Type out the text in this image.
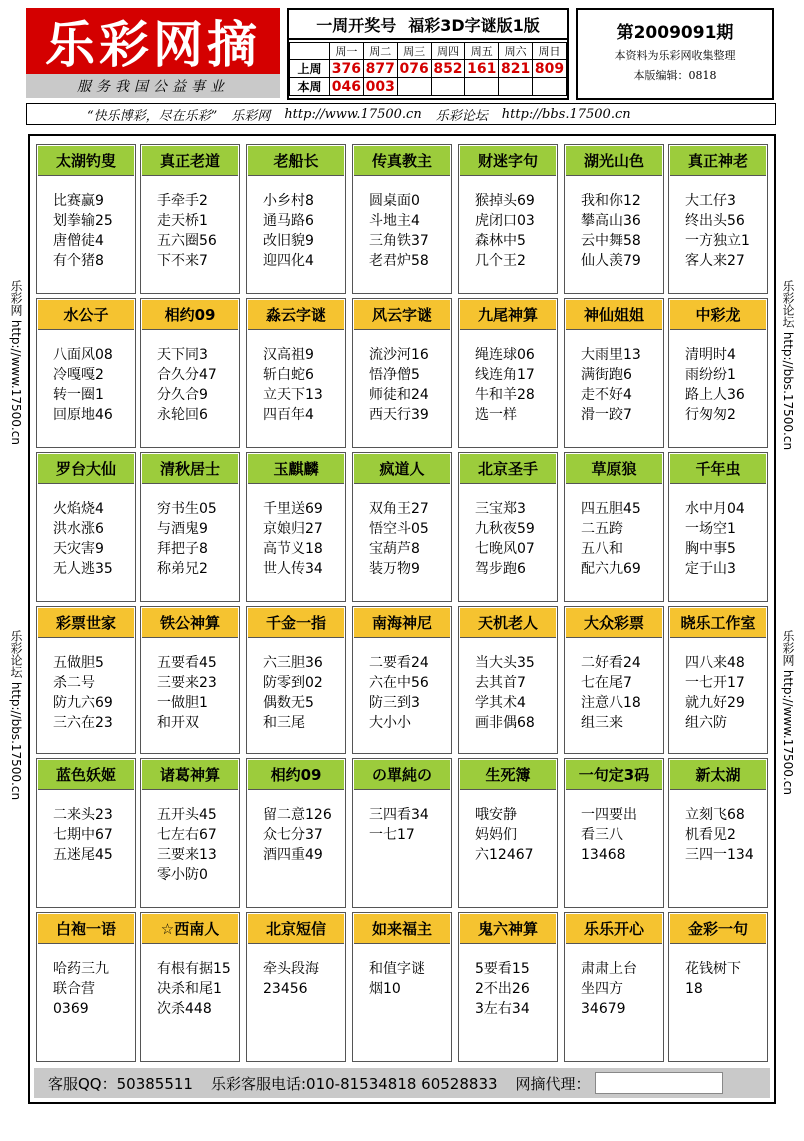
乐彩网摘
服务我国公益事业
一周开奖号 福彩3D字谜版1版
	周一	周二	周三	周四	周五	周六	周日
上周	376	877	076	852	161	821	809
本周	046	003					
第2009091期
本资料为乐彩网收集整理
本版编辑：0818
“快乐博彩，尽在乐彩” 乐彩网 http://www.17500.cn 乐彩论坛 http://bbs.17500.cn
乐彩网 http://www.17500.cn
乐彩论坛 http://bbs.17500.cn
乐彩论坛 http://bbs.17500.cn
乐彩网 http://www.17500.cn
太湖钓叟
比赛赢9
划拳输25
唐僧徒4
有个猪8
真正老道
手牵手2
走天桥1
五六圈56
下不来7
老船长
小乡村8
通马路6
改旧貌9
迎四化4
传真教主
圆桌面0
斗地主4
三角铁37
老君炉58
财迷字句
猴掉头69
虎闭口03
森林中5
几个王2
湖光山色
我和你12
攀高山36
云中舞58
仙人羡79
真正神老
大工仔3
终出头56
一方独立1
客人来27
水公子
八面风08
冷嘎嘎2
转一圈1
回原地46
相约09
天下同3
合久分47
分久合9
永轮回6
淼云字谜
汉高祖9
斩白蛇6
立天下13
四百年4
风云字谜
流沙河16
悟净僧5
师徒和24
西天行39
九尾神算
绳连球06
线连角17
牛和羊28
选一样
神仙姐姐
大雨里13
满街跑6
走不好4
滑一跤7
中彩龙
清明时4
雨纷纷1
路上人36
行匆匆2
罗台大仙
火焰烧4
洪水涨6
天灾害9
无人逃35
清秋居士
穷书生05
与酒鬼9
拜把子8
称弟兄2
玉麒麟
千里送69
京娘归27
高节义18
世人传34
疯道人
双角王27
悟空斗05
宝葫芦8
装万物9
北京圣手
三宝郑3
九秋夜59
七晚风07
驾步跑6
草原狼
四五胆45
二五跨
五八和
配六九69
千年虫
水中月04
一场空1
胸中事5
定于山3
彩票世家
五做胆5
杀二号
防九六69
三六在23
铁公神算
五要看45
三要来23
一做胆1
和开双
千金一指
六三胆36
防零到02
偶数无5
和三尾
南海神尼
二要看24
六在中56
防三到3
大小小
天机老人
当大头35
去其首7
学其术4
画非偶68
大众彩票
二好看24
七在尾7
注意八18
组三来
晓乐工作室
四八来48
一七开17
就九好29
组六防
蓝色妖姬
二来头23
七期中67
五迷尾45
诸葛神算
五开头45
七左右67
三要来13
零小防0
相约09
留二意126
众七分37
酒四重49
の單純の
三四看34
一七17
生死簿
哦安静
妈妈们
六12467
一句定3码
一四要出
看三八
13468
新太湖
立刻飞68
机看见2
三四一134
白袍一语
哈药三九
联合营
0369
☆西南人
有根有据15
决杀和尾1
次杀448
北京短信
牵头段海
23456
如来福主
和值字谜
烟10
鬼六神算
5要看15
2不出26
3左右34
乐乐开心
肃肃上台
坐四方
34679
金彩一句
花钱树下
18
客服QQ：50385511 乐彩客服电话:010-81534818 60528833 网摘代理：
